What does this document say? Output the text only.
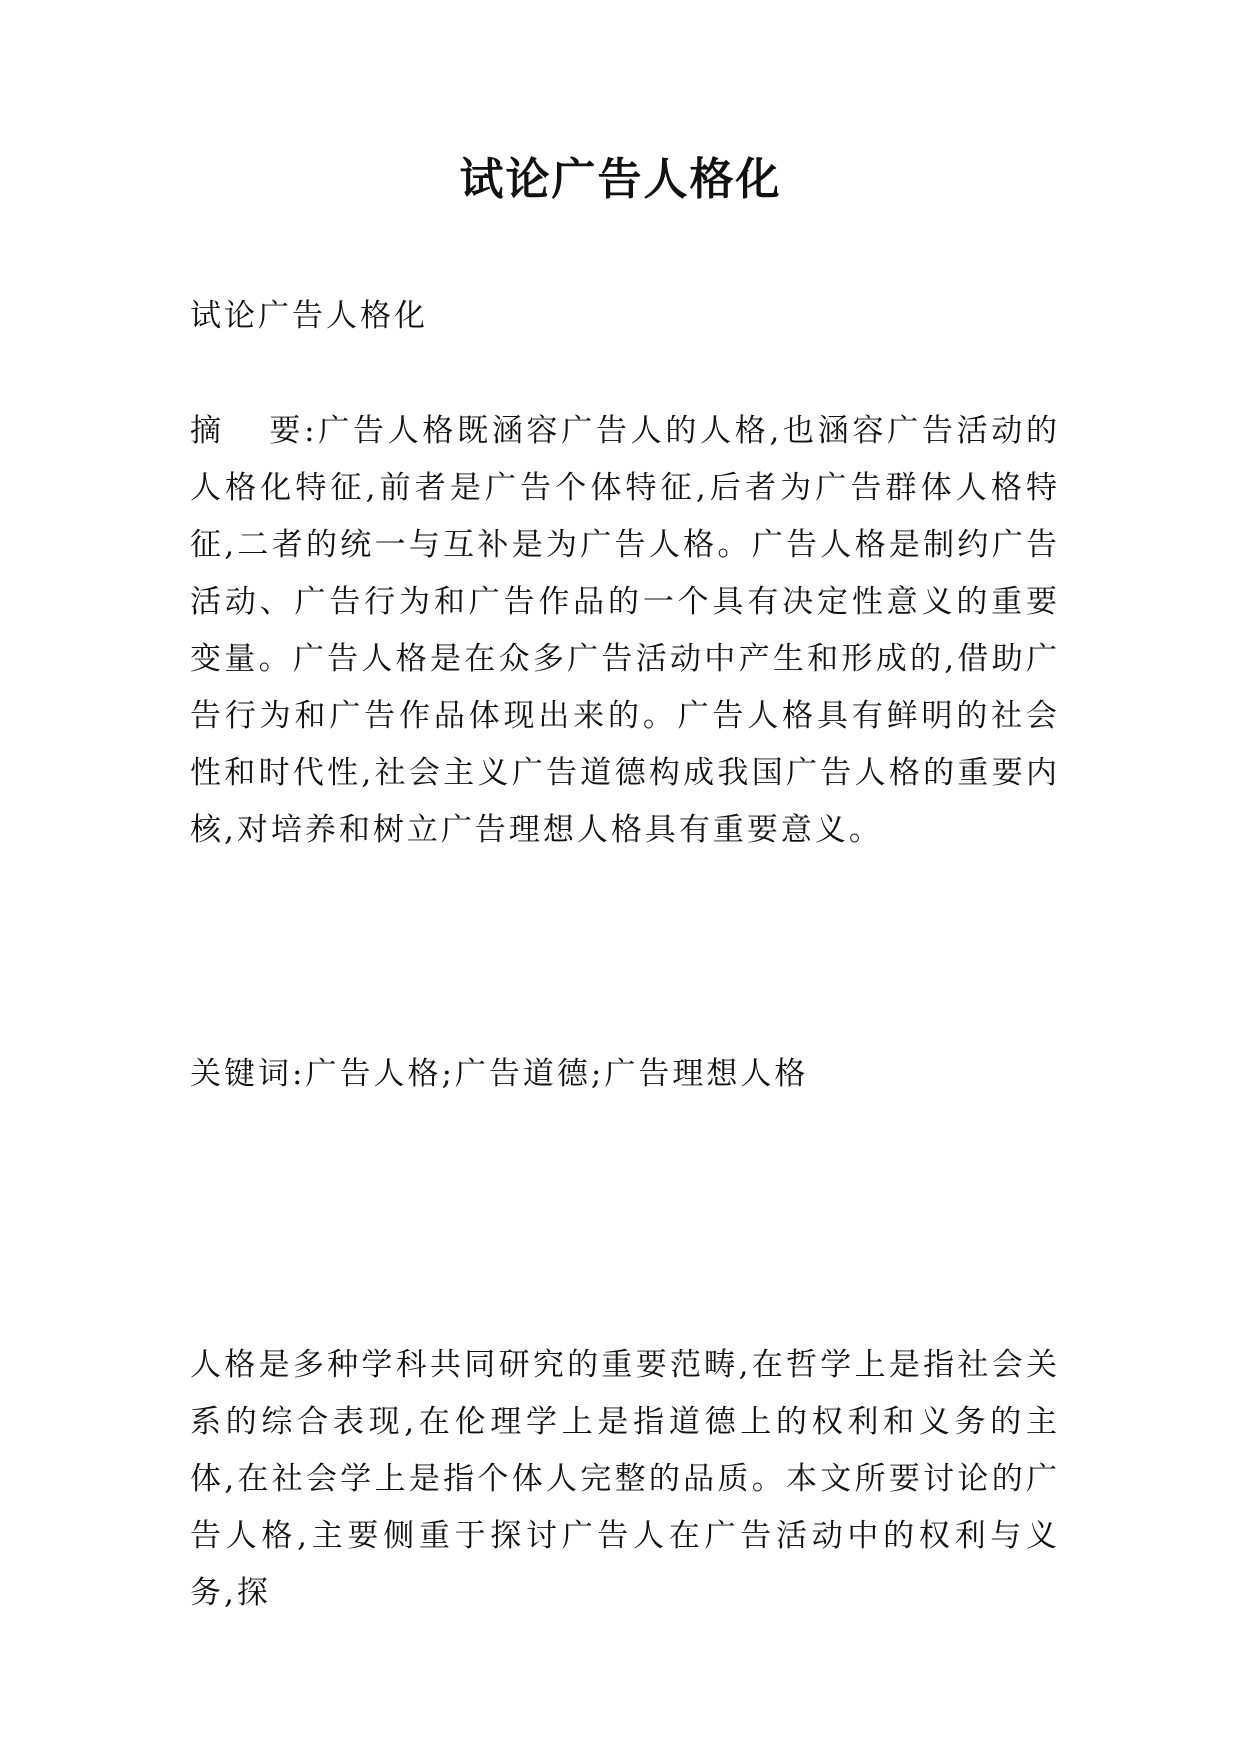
试论广告人格化

试论广告人格化

摘 要:广告人格既涵容广告人的人格,也涵容广告活动的人格化特征,前者是广告个体特征,后者为广告群体人格特征,二者的统一与互补是为广告人格。广告人格是制约广告活动、广告行为和广告作品的一个具有决定性意义的重要变量。广告人格是在众多广告活动中产生和形成的,借助广告行为和广告作品体现出来的。广告人格具有鲜明的社会性和时代性,社会主义广告道德构成我国广告人格的重要内核,对培养和树立广告理想人格具有重要意义。

关键词:广告人格;广告道德;广告理想人格

人格是多种学科共同研究的重要范畴,在哲学上是指社会关系的综合表现,在伦理学上是指道德上的权利和义务的主体,在社会学上是指个体人完整的品质。本文所要讨论的广告人格,主要侧重于探讨广告人在广告活动中的权利与义务,探
